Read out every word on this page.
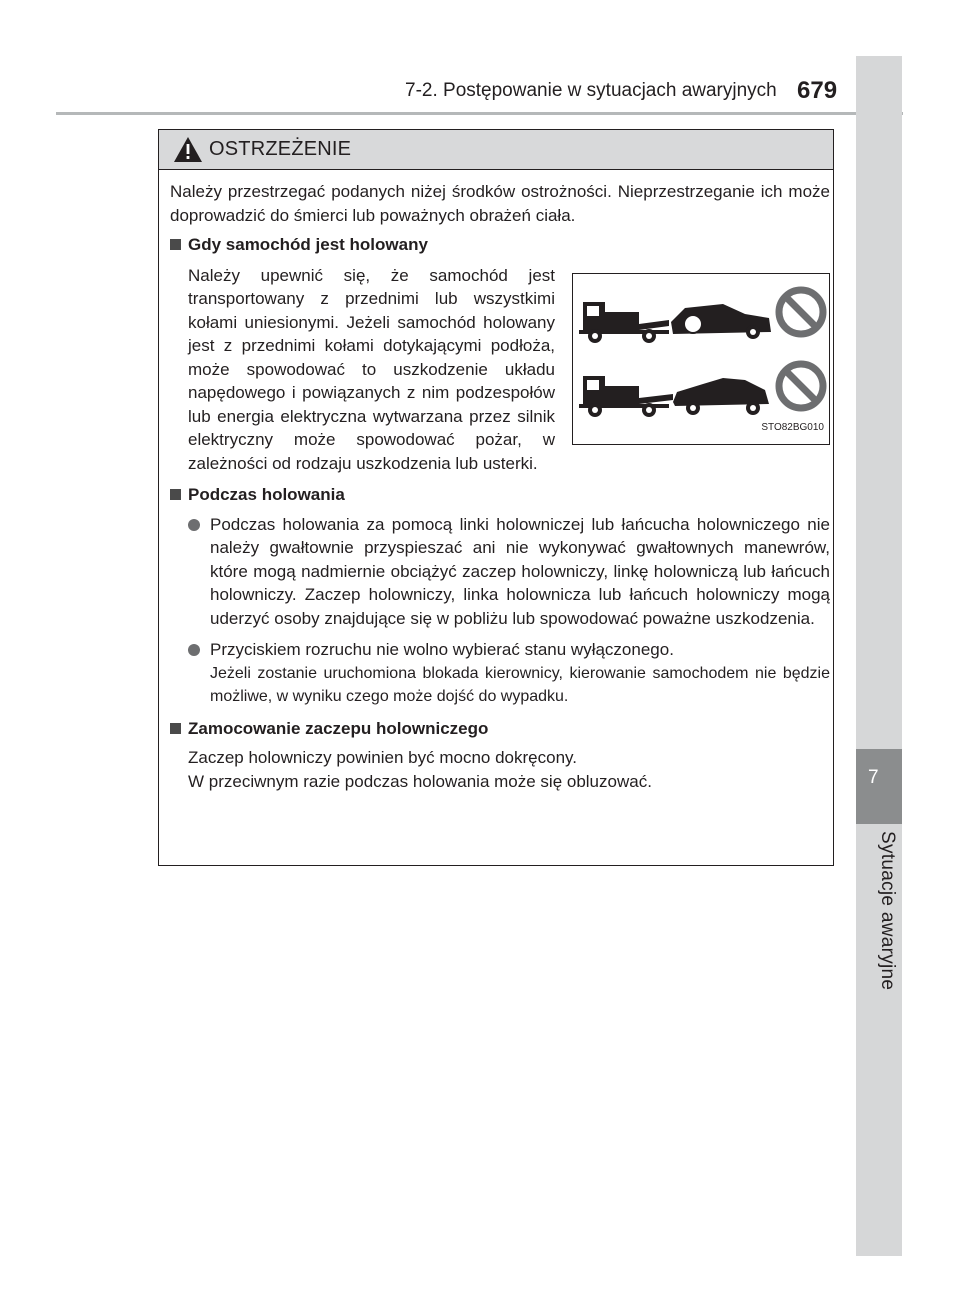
7-2. Postępowanie w sytuacjach awaryjnych 679
7
Sytuacje awaryjne
OSTRZEŻENIE
Należy przestrzegać podanych niżej środków ostrożności. Nieprzestrzeganie ich może doprowadzić do śmierci lub poważnych obrażeń ciała.
Gdy samochód jest holowany
Należy upewnić się, że samochód jest transportowany z przednimi lub wszystkimi kołami uniesionymi. Jeżeli samochód holowany jest z przednimi kołami dotykającymi podłoża, może spowodować to uszkodzenie układu napędowego i powiązanych z nim podzespołów lub energia elektryczna wytwarzana przez silnik elektryczny może spowodować pożar, w zależności od rodzaju uszkodzenia lub usterki.
STO82BG010
Podczas holowania
Podczas holowania za pomocą linki holowniczej lub łańcucha holowniczego nie należy gwałtownie przyspieszać ani nie wykonywać gwałtownych manewrów, które mogą nadmiernie obciążyć zaczep holowniczy, linkę holowniczą lub łańcuch holowniczy. Zaczep holowniczy, linka holownicza lub łańcuch holowniczy mogą uderzyć osoby znajdujące się w pobliżu lub spowodować poważne uszkodzenia.
Przyciskiem rozruchu nie wolno wybierać stanu wyłączonego.
Jeżeli zostanie uruchomiona blokada kierownicy, kierowanie samochodem nie będzie możliwe, w wyniku czego może dojść do wypadku.
Zamocowanie zaczepu holowniczego
Zaczep holowniczy powinien być mocno dokręcony.
W przeciwnym razie podczas holowania może się obluzować.
